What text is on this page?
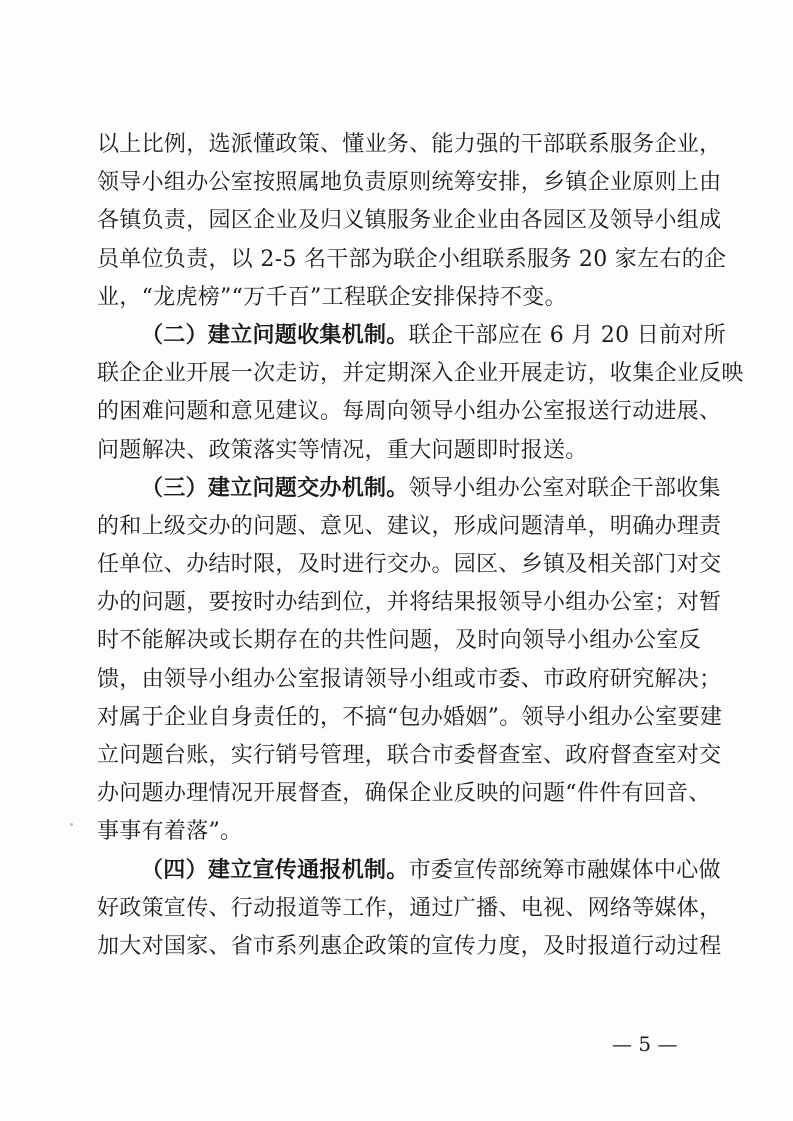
以上比例，选派懂政策、懂业务、能力强的干部联系服务企业，
领导小组办公室按照属地负责原则统筹安排，乡镇企业原则上由
各镇负责，园区企业及归义镇服务业企业由各园区及领导小组成
员单位负责，以 2-5 名干部为联企小组联系服务 20 家左右的企
业，“龙虎榜”“万千百”工程联企安排保持不变。
（二）建立问题收集机制。联企干部应在 6 月 20 日前对所
联企企业开展一次走访，并定期深入企业开展走访，收集企业反映
的困难问题和意见建议。每周向领导小组办公室报送行动进展、
问题解决、政策落实等情况，重大问题即时报送。
（三）建立问题交办机制。领导小组办公室对联企干部收集
的和上级交办的问题、意见、建议，形成问题清单，明确办理责
任单位、办结时限，及时进行交办。园区、乡镇及相关部门对交
办的问题，要按时办结到位，并将结果报领导小组办公室；对暂
时不能解决或长期存在的共性问题，及时向领导小组办公室反
馈，由领导小组办公室报请领导小组或市委、市政府研究解决；
对属于企业自身责任的，不搞“包办婚姻”。领导小组办公室要建
立问题台账，实行销号管理，联合市委督查室、政府督查室对交
办问题办理情况开展督查，确保企业反映的问题“件件有回音、
事事有着落”。
（四）建立宣传通报机制。市委宣传部统筹市融媒体中心做
好政策宣传、行动报道等工作，通过广播、电视、网络等媒体，
加大对国家、省市系列惠企政策的宣传力度，及时报道行动过程
— 5 —
